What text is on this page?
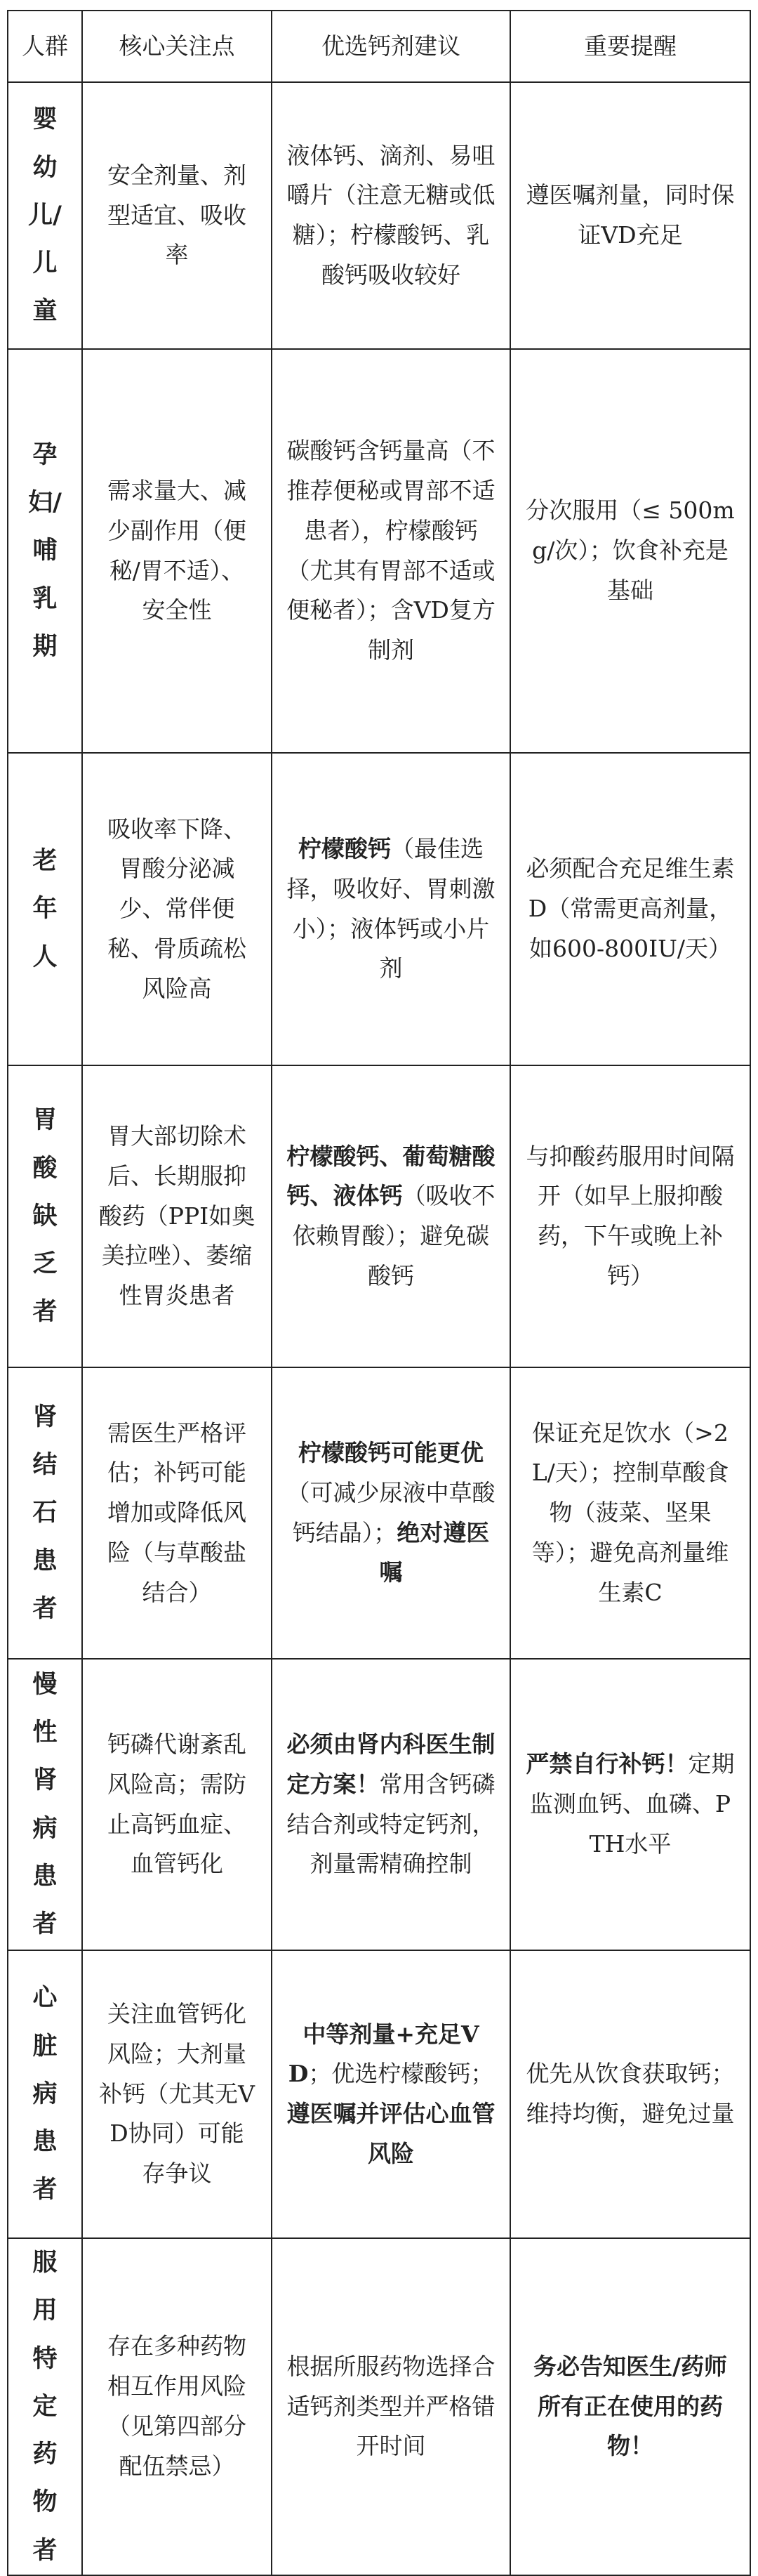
人群	核心关注点	优选钙剂建议	重要提醒
婴幼儿/儿童	安全剂量、剂型适宜、吸收率	液体钙、滴剂、易咀嚼片（注意无糖或低糖）；柠檬酸钙、乳酸钙吸收较好	遵医嘱剂量，同时保证VD充足
孕妇/哺乳期	需求量大、减少副作用（便秘/胃不适）、安全性	碳酸钙含钙量高（不推荐便秘或胃部不适患者），柠檬酸钙（尤其有胃部不适或便秘者）；含VD复方制剂	分次服用（≤ 500mg/次）；饮食补充是基础
老年人	吸收率下降、胃酸分泌减少、常伴便秘、骨质疏松风险高	柠檬酸钙（最佳选择，吸收好、胃刺激小）；液体钙或小片剂	必须配合充足维生素D（常需更高剂量，如600-800IU/天）
胃酸缺乏者	胃大部切除术后、长期服抑酸药（PPI如奥美拉唑）、萎缩性胃炎患者	柠檬酸钙、葡萄糖酸钙、液体钙（吸收不依赖胃酸）；避免碳酸钙	与抑酸药服用时间隔开（如早上服抑酸药，下午或晚上补钙）
肾结石患者	需医生严格评估；补钙可能增加或降低风险（与草酸盐结合）	柠檬酸钙可能更优（可减少尿液中草酸钙结晶）；绝对遵医嘱	保证充足饮水（>2L/天）；控制草酸食物（菠菜、坚果等）；避免高剂量维生素C
慢性肾病患者	钙磷代谢紊乱风险高；需防止高钙血症、血管钙化	必须由肾内科医生制定方案！常用含钙磷结合剂或特定钙剂，剂量需精确控制	严禁自行补钙！定期监测血钙、血磷、PTH水平
心脏病患者	关注血管钙化风险；大剂量补钙（尤其无VD协同）可能存争议	中等剂量+充足VD；优选柠檬酸钙；遵医嘱并评估心血管风险	优先从饮食获取钙；维持均衡，避免过量
服用特定药物者	存在多种药物相互作用风险（见第四部分配伍禁忌）	根据所服药物选择合适钙剂类型并严格错开时间	务必告知医生/药师所有正在使用的药物！
